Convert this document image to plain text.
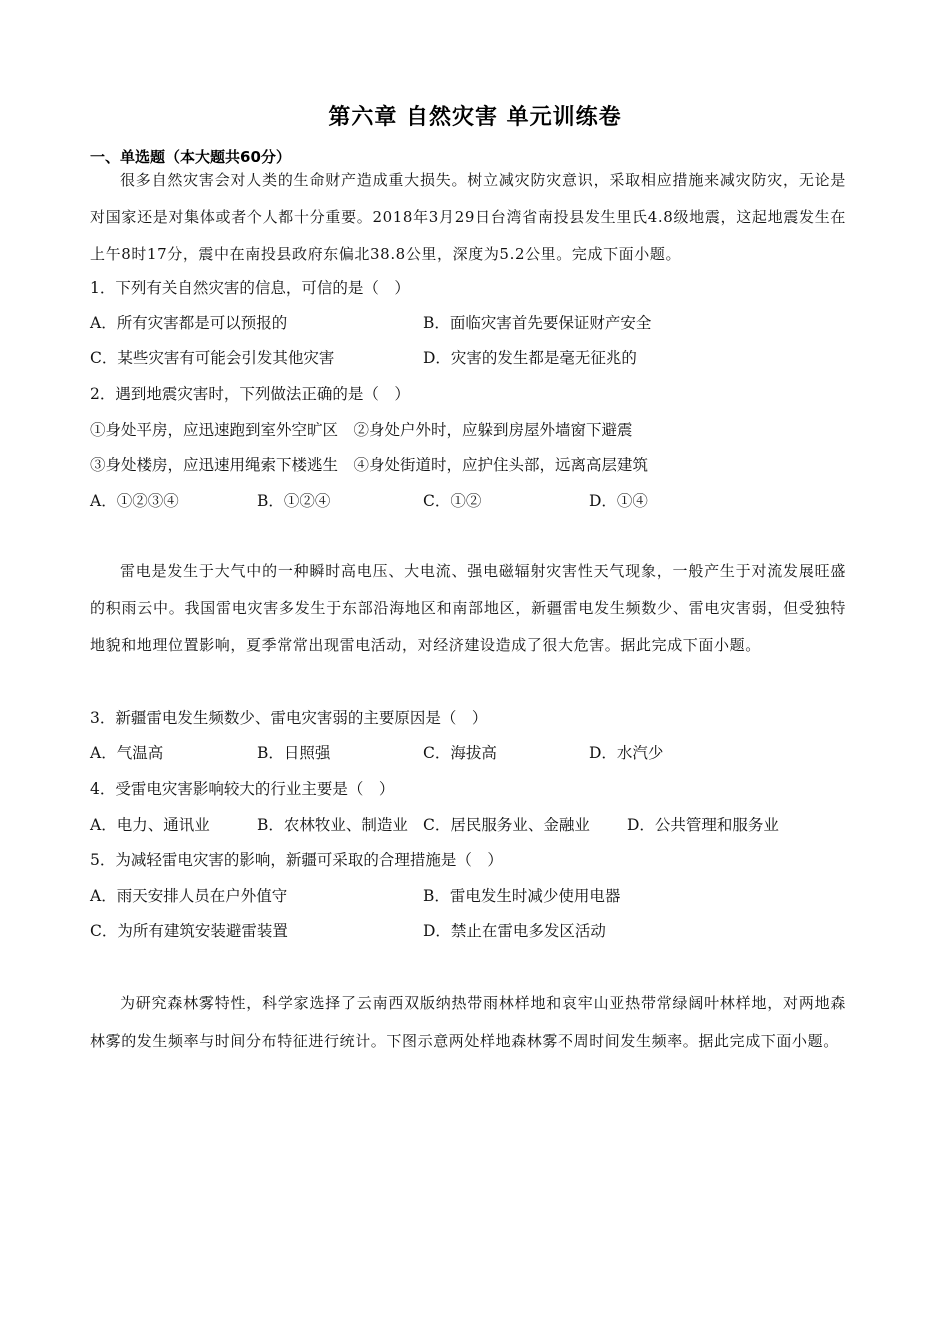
第六章 自然灾害 单元训练卷
一、单选题（本大题共60分）
很多自然灾害会对人类的生命财产造成重大损失。树立减灾防灾意识，采取相应措施来减灾防灾，无论是对国家还是对集体或者个人都十分重要。2018年3月29日台湾省南投县发生里氏4.8级地震，这起地震发生在上午8时17分，震中在南投县政府东偏北38.8公里，深度为5.2公里。完成下面小题。
1．下列有关自然灾害的信息，可信的是（　）
A．所有灾害都是可以预报的	B．面临灾害首先要保证财产安全
C．某些灾害有可能会引发其他灾害	D．灾害的发生都是毫无征兆的
2．遇到地震灾害时，下列做法正确的是（　）
①身处平房，应迅速跑到室外空旷区　②身处户外时，应躲到房屋外墙窗下避震
③身处楼房，应迅速用绳索下楼逃生　④身处街道时，应护住头部，远离高层建筑
A．①②③④	B．①②④	C．①②	D．①④
雷电是发生于大气中的一种瞬时高电压、大电流、强电磁辐射灾害性天气现象，一般产生于对流发展旺盛的积雨云中。我国雷电灾害多发生于东部沿海地区和南部地区，新疆雷电发生频数少、雷电灾害弱，但受独特地貌和地理位置影响，夏季常常出现雷电活动，对经济建设造成了很大危害。据此完成下面小题。
3．新疆雷电发生频数少、雷电灾害弱的主要原因是（　）
A．气温高	B．日照强	C．海拔高	D．水汽少
4．受雷电灾害影响较大的行业主要是（　）
A．电力、通讯业	B．农林牧业、制造业 C．居民服务业、金融业 D．公共管理和服务业
5．为减轻雷电灾害的影响，新疆可采取的合理措施是（　）
A．雨天安排人员在户外值守	B．雷电发生时减少使用电器
C．为所有建筑安装避雷装置	D．禁止在雷电多发区活动
为研究森林雾特性，科学家选择了云南西双版纳热带雨林样地和哀牢山亚热带常绿阔叶林样地，对两地森林雾的发生频率与时间分布特征进行统计。下图示意两处样地森林雾不周时间发生频率。据此完成下面小题。
